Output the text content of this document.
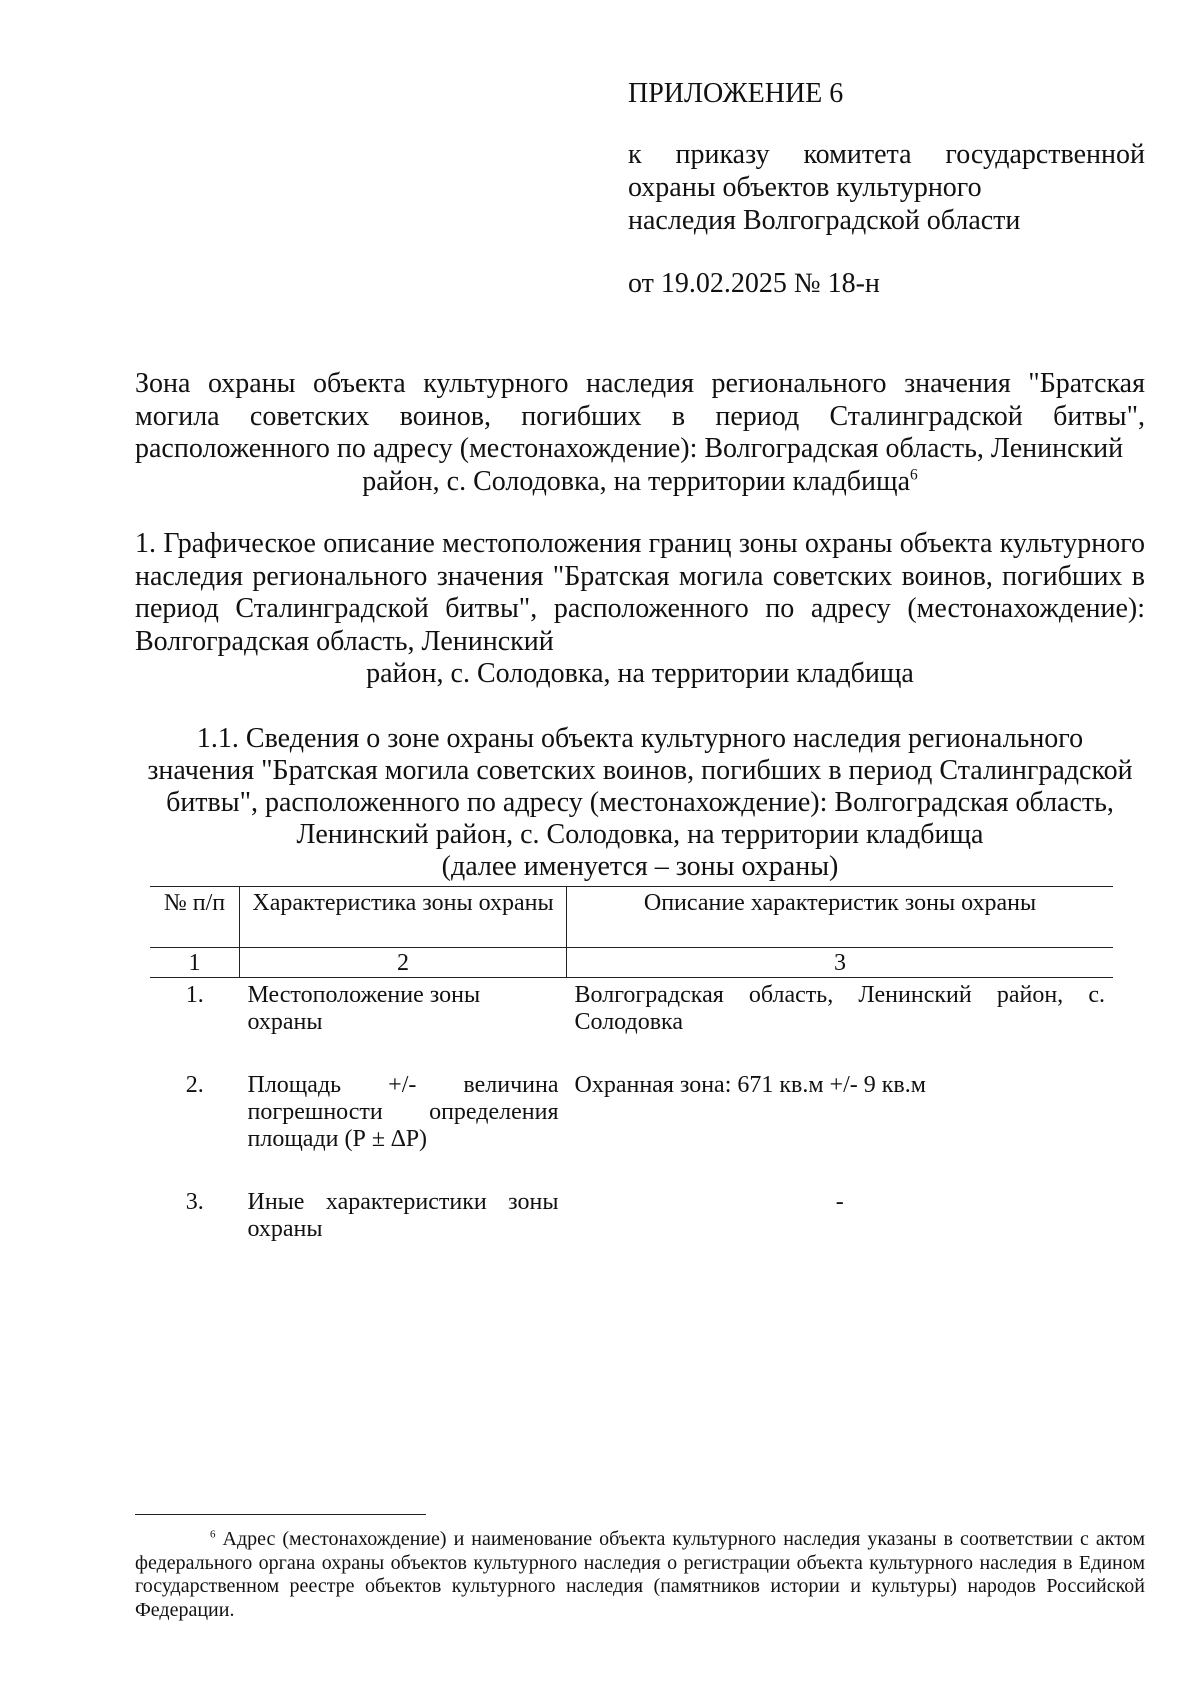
ПРИЛОЖЕНИЕ 6
к приказу комитета государственной
охраны объектов культурного
наследия Волгоградской области
от 19.02.2025 № 18-н
Зона охраны объекта культурного наследия регионального значения "Братская могила советских воинов, погибших в период Сталинградской битвы", расположенного по адресу (местонахождение): Волгоградская область, Ленинский
район, с. Солодовка, на территории кладбища$^6$
1. Графическое описание местоположения границ зоны охраны объекта культурного наследия регионального значения "Братская могила советских воинов, погибших в период Сталинградской битвы", расположенного по адресу (местонахождение): Волгоградская область, Ленинский
район, с. Солодовка, на территории кладбища
1.1. Сведения о зоне охраны объекта культурного наследия регионального
значения "Братская могила советских воинов, погибших в период Сталинградской
битвы", расположенного по адресу (местонахождение): Волгоградская область,
Ленинский район, с. Солодовка, на территории кладбища
(далее именуется – зоны охраны)
№ п/п	Характеристика зоны охраны	Описание характеристик зоны охраны
1	2	3
1.	Местоположение зоны охраны	Волгоградская область, Ленинский район, с. Солодовка

2.	Площадь +/- величина погрешности определения площади (Р ± ∆Р)	Охранная зона: 671 кв.м +/- 9 кв.м
3.	Иные характеристики зоны охраны	-
$^6$ Адрес (местонахождение) и наименование объекта культурного наследия указаны в соответствии с актом федерального органа охраны объектов культурного наследия о регистрации объекта культурного наследия в Едином государственном реестре объектов культурного наследия (памятников истории и культуры) народов Российской Федерации.
